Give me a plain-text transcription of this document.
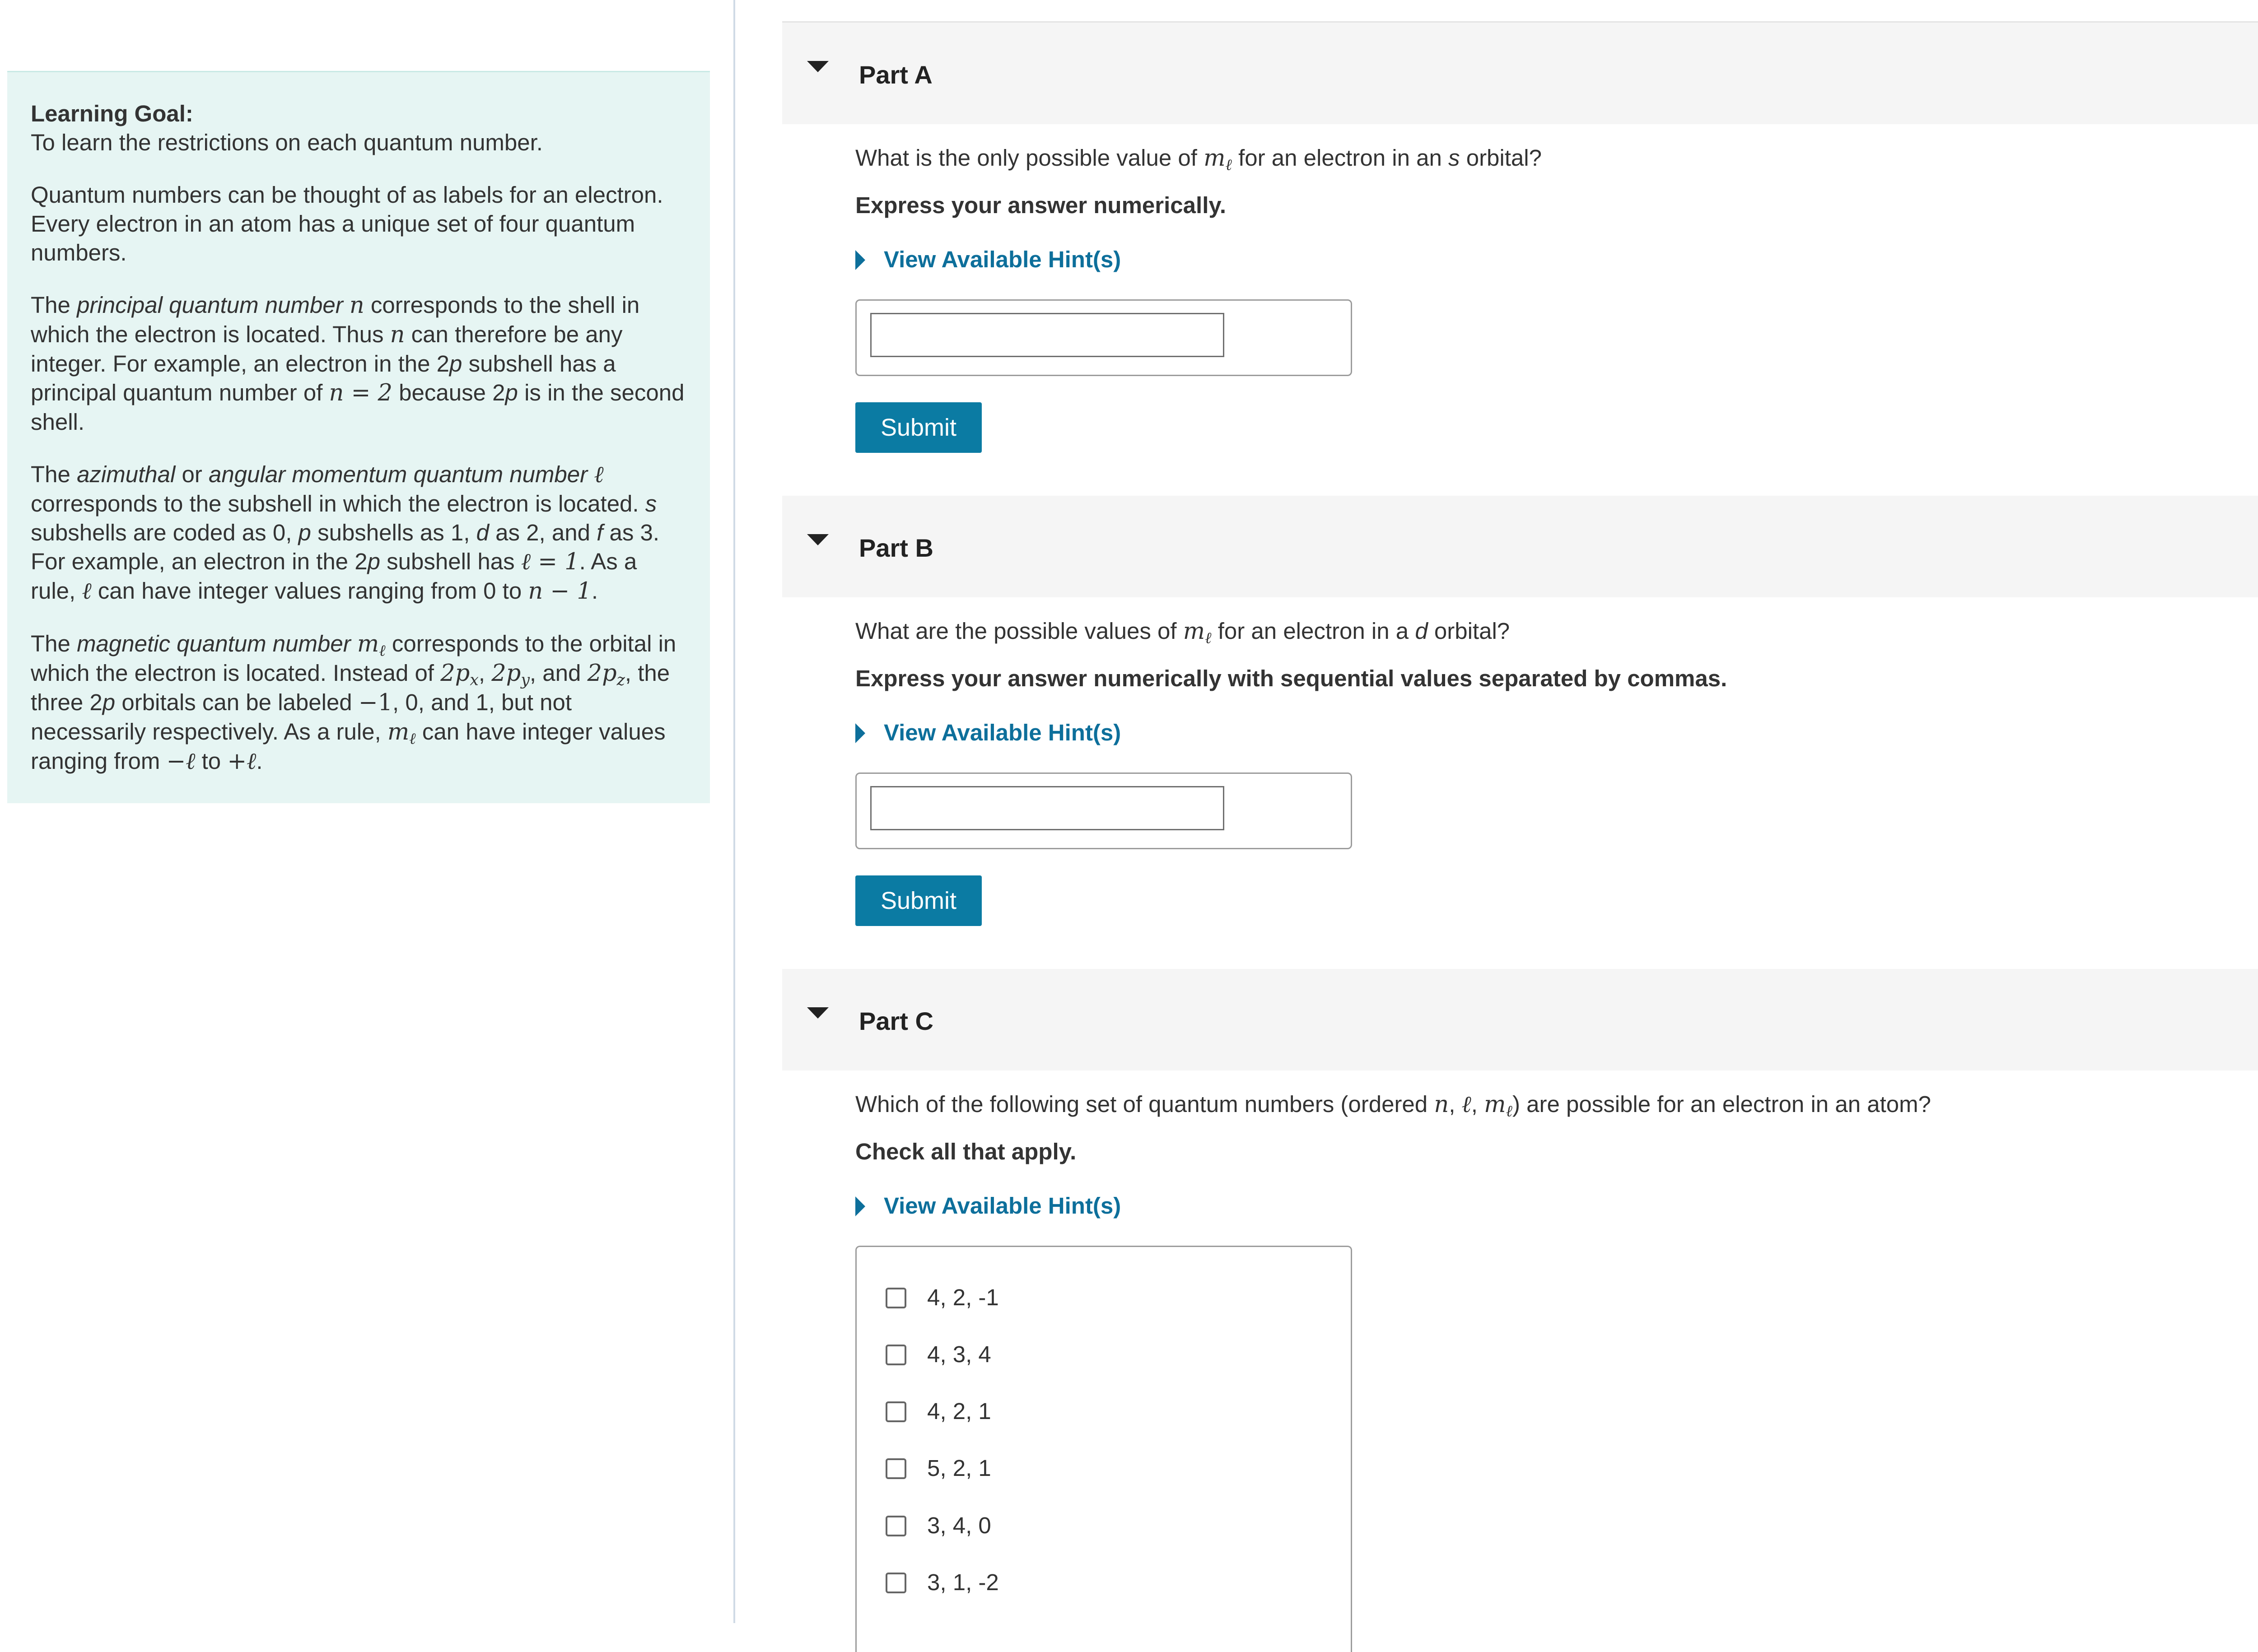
Learning Goal:
To learn the restrictions on each quantum number.

Quantum numbers can be thought of as labels for an electron. Every electron in an atom has a unique set of four quantum numbers.

The principal quantum number n corresponds to the shell in which the electron is located. Thus n can therefore be any integer. For example, an electron in the 2p subshell has a principal quantum number of n = 2 because 2p is in the second shell.

The azimuthal or angular momentum quantum number ℓ corresponds to the subshell in which the electron is located. s subshells are coded as 0, p subshells as 1, d as 2, and f as 3. For example, an electron in the 2p subshell has ℓ = 1. As a rule, ℓ can have integer values ranging from 0 to n − 1.

The magnetic quantum number $m_\ell$ corresponds to the orbital in which the electron is located. Instead of $2p_x$, $2p_y$, and $2p_z$, the three 2p orbitals can be labeled −1, 0, and 1, but not necessarily respectively. As a rule, $m_\ell$ can have integer values ranging from −ℓ to +ℓ.

Part A

What is the only possible value of $m_\ell$ for an electron in an s orbital?

Express your answer numerically.

View Available Hint(s)
Submit
Part B

What are the possible values of $m_\ell$ for an electron in a d orbital?

Express your answer numerically with sequential values separated by commas.

View Available Hint(s)
Submit
Part C

Which of the following set of quantum numbers (ordered n, ℓ, $m_\ell$) are possible for an electron in an atom?

Check all that apply.

View Available Hint(s)
4, 2, -1
4, 3, 4
4, 2, 1
5, 2, 1
3, 4, 0
3, 1, -2
